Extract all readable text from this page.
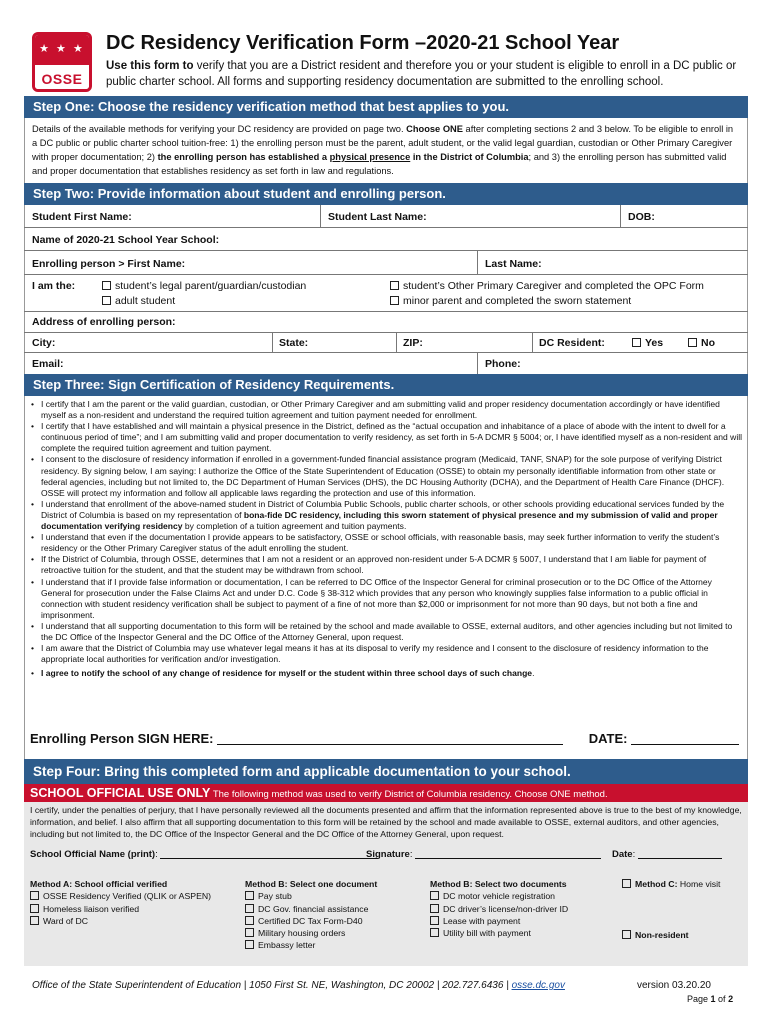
★ ★ ★
OSSE
DC Residency Verification Form –2020-21 School Year
Use this form to verify that you are a District resident and therefore you or your student is eligible to enroll in a DC public or public charter school. All forms and supporting residency documentation are submitted to the enrolling school.
Step One: Choose the residency verification method that best applies to you.
Details of the available methods for verifying your DC residency are provided on page two. Choose ONE after completing sections 2 and 3 below. To be eligible to enroll in a DC public or public charter school tuition-free: 1) the enrolling person must be the parent, adult student, or the valid legal guardian, custodian or Other Primary Caregiver with proper documentation; 2) the enrolling person has established a physical presence in the District of Columbia; and 3) the enrolling person has submitted valid and proper documentation that establishes residency as set forth in law and regulations.
Step Two: Provide information about student and enrolling person.
Student First Name:	Student Last Name:	DOB:
Name of 2020-21 School Year School:
Enrolling person > First Name:	Last Name:
I am the:	student’s legal parent/guardian/custodian
adult student
student’s Other Primary Caregiver and completed the OPC Form
minor parent and completed the sworn statement
Address of enrolling person:
City:	State:	ZIP:	DC Resident:	Yes	No
Email:	Phone:
Step Three: Sign Certification of Residency Requirements.
• I certify that I am the parent or the valid guardian, custodian, or Other Primary Caregiver and am submitting valid and proper residency documentation accordingly or have identified myself as a non-resident and understand the required tuition agreement and tuition payment needed for enrollment.
• I certify that I have established and will maintain a physical presence in the District, defined as the “actual occupation and inhabitance of a place of abode with the intent to dwell for a continuous period of time”; and I am submitting valid and proper documentation to verify residency, as set forth in 5-A DCMR § 5004; or, I have identified myself as a non-resident and will complete the required tuition agreement and tuition payment.
• I consent to the disclosure of residency information if enrolled in a government-funded financial assistance program (Medicaid, TANF, SNAP) for the sole purpose of verifying District residency. By signing below, I am saying: I authorize the Office of the State Superintendent of Education (OSSE) to obtain my personally identifiable information from other state or federal agencies, including but not limited to, the DC Department of Human Services (DHS), the DC Housing Authority (DCHA), and the Department of Health Care Finance (DHCF). OSSE will protect my information and follow all applicable laws regarding the protection and use of this information.
• I understand that enrollment of the above-named student in District of Columbia Public Schools, public charter schools, or other schools providing educational services funded by the District of Columbia is based on my representation of bona-fide DC residency, including this sworn statement of physical presence and my submission of valid and proper documentation verifying residency by completion of a tuition agreement and tuition payments.
• I understand that even if the documentation I provide appears to be satisfactory, OSSE or school officials, with reasonable basis, may seek further information to verify the student’s residency or the Other Primary Caregiver status of the adult enrolling the student.
• If the District of Columbia, through OSSE, determines that I am not a resident or an approved non-resident under 5-A DCMR § 5007, I understand that I am liable for payment of retroactive tuition for the student, and that the student may be withdrawn from school.
• I understand that if I provide false information or documentation, I can be referred to DC Office of the Inspector General for criminal prosecution or to the DC Office of the Attorney General for prosecution under the False Claims Act and under D.C. Code § 38-312 which provides that any person who knowingly supplies false information to a public official in connection with student residency verification shall be subject to payment of a fine of not more than $2,000 or imprisonment for not more than 90 days, but not both a fine and imprisonment.
• I understand that all supporting documentation to this form will be retained by the school and made available to OSSE, external auditors, and other agencies including but not limited to the DC Office of the Inspector General and the DC Office of the Attorney General, upon request.
• I am aware that the District of Columbia may use whatever legal means it has at its disposal to verify my residence and I consent to the disclosure of residency information to the appropriate local authorities for verification and/or investigation.
• I agree to notify the school of any change of residence for myself or the student within three school days of such change.
Enrolling Person SIGN HERE:	DATE:
Step Four: Bring this completed form and applicable documentation to your school.
SCHOOL OFFICIAL USE ONLY The following method was used to verify District of Columbia residency. Choose ONE method.
I certify, under the penalties of perjury, that I have personally reviewed all the documents presented and affirm that the information represented above is true to the best of my knowledge, information, and belief. I also affirm that all supporting documentation to this form will be retained by the school and made available to OSSE, external auditors, and other agencies, including but not limited to, the DC Office of the Inspector General and the DC Office of the Attorney General, upon request.
School Official Name (print):	Signature:	Date:
Method A: School official verified
OSSE Residency Verified (QLIK or ASPEN)
Homeless liaison verified
Ward of DC
Method B: Select one document
Pay stub
DC Gov. financial assistance
Certified DC Tax Form-D40
Military housing orders
Embassy letter
Method B: Select two documents
DC motor vehicle registration
DC driver’s license/non-driver ID
Lease with payment
Utility bill with payment
Method C: Home visit
Non-resident
Office of the State Superintendent of Education | 1050 First St. NE, Washington, DC 20002 | 202.727.6436 | osse.dc.gov	version 03.20.20
Page 1 of 2
